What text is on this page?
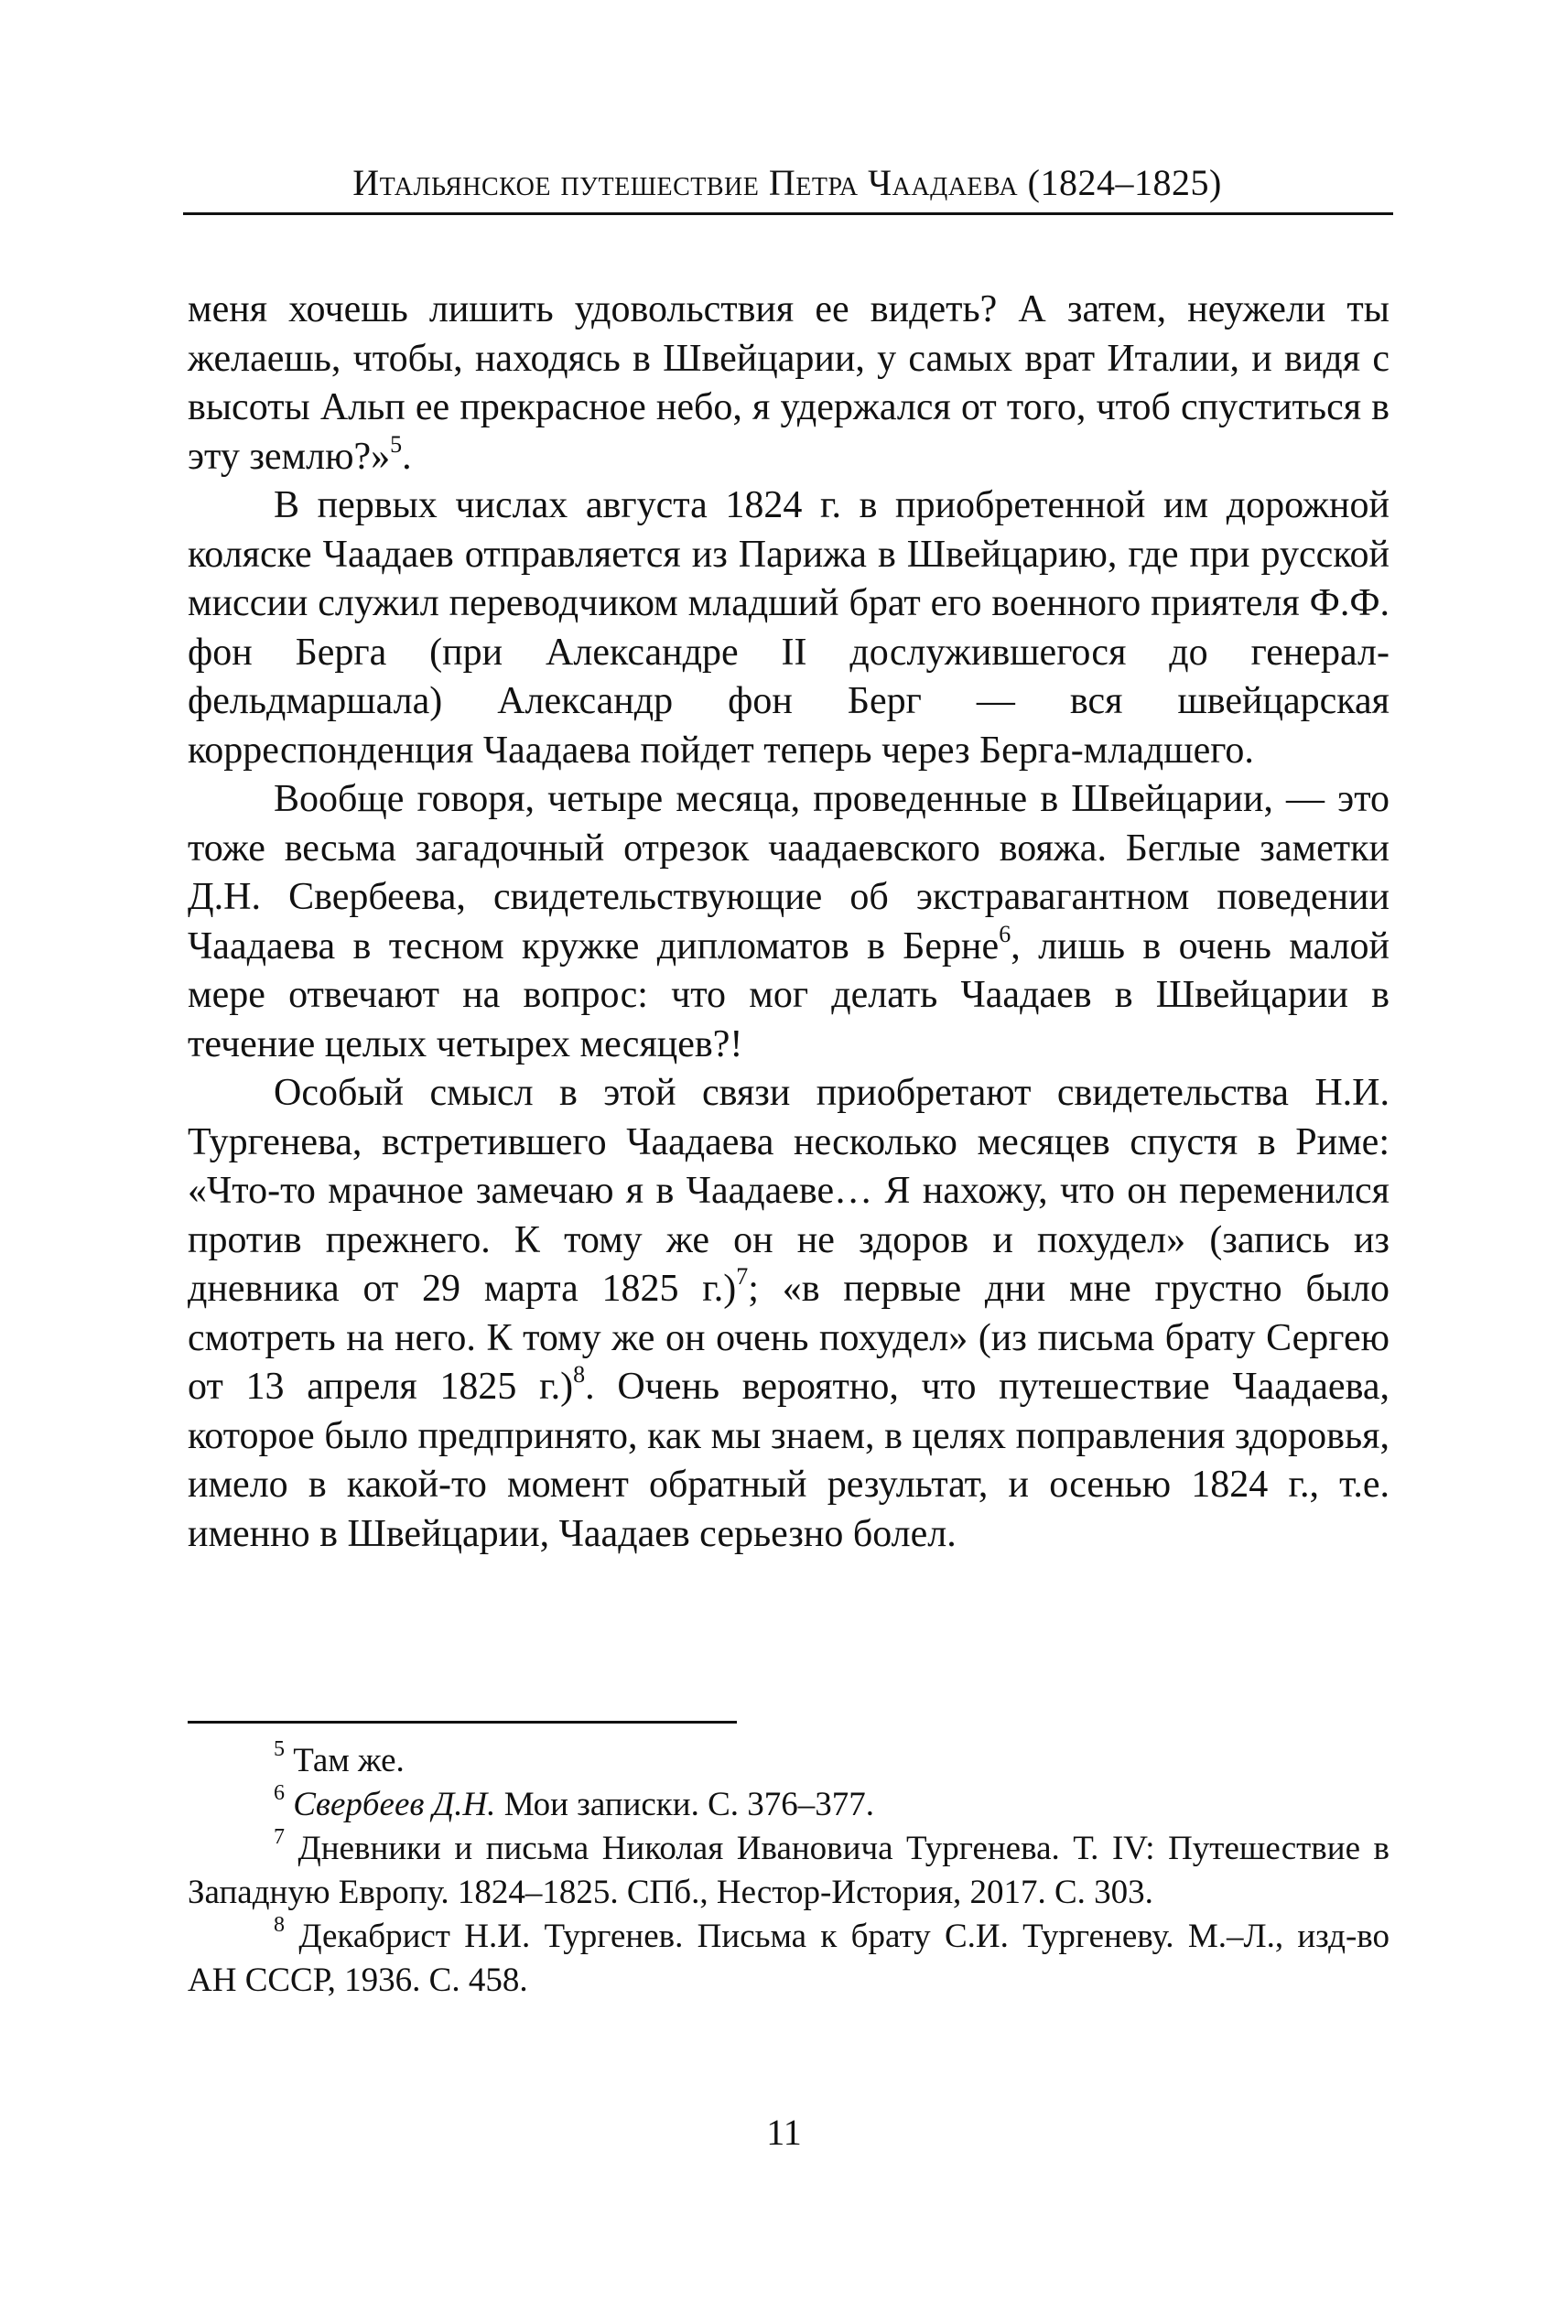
Итальянское путешествие Петра Чаадаева (1824–1825)

меня хочешь лишить удовольствия ее видеть? А затем, неужели ты желаешь, чтобы, находясь в Швейцарии, у самых врат Италии, и видя с высоты Альп ее прекрасное небо, я удержался от того, чтоб спуститься в эту землю?»$^5$.

В первых числах августа 1824 г. в приобретенной им дорожной коляске Чаадаев отправляется из Парижа в Швейцарию, где при русской миссии служил переводчиком младший брат его военного приятеля Ф.Ф. фон Берга (при Александре II дослужившегося до генерал-фельдмаршала) Александр фон Берг — вся швейцарская корреспонденция Чаадаева пойдет теперь через Берга-младшего.

Вообще говоря, четыре месяца, проведенные в Швейцарии, — это тоже весьма загадочный отрезок чаадаевского вояжа. Беглые заметки Д.Н. Свербеева, свидетельствующие об экстравагантном поведении Чаадаева в тесном кружке дипломатов в Берне$^6$, лишь в очень малой мере отвечают на вопрос: что мог делать Чаадаев в Швейцарии в течение целых четырех месяцев?!

Особый смысл в этой связи приобретают свидетельства Н.И. Тургенева, встретившего Чаадаева несколько месяцев спустя в Риме: «Что-то мрачное замечаю я в Чаадаеве… Я нахожу, что он переменился против прежнего. К тому же он не здоров и похудел» (запись из дневника от 29 марта 1825 г.)$^7$; «в первые дни мне грустно было смотреть на него. К тому же он очень похудел» (из письма брату Сергею от 13 апреля 1825 г.)$^8$. Очень вероятно, что путешествие Чаадаева, которое было предпринято, как мы знаем, в целях поправления здоровья, имело в какой-то момент обратный результат, и осенью 1824 г., т.е. именно в Швейцарии, Чаадаев серьезно болел.

$^5$ Там же.

$^6$ Свербеев Д.Н. Мои записки. С. 376–377.

$^7$ Дневники и письма Николая Ивановича Тургенева. Т. IV: Путешествие в Западную Европу. 1824–1825. СПб., Нестор-История, 2017. С. 303.

$^8$ Декабрист Н.И. Тургенев. Письма к брату С.И. Тургеневу. М.–Л., изд-во АН СССР, 1936. С. 458.

11
